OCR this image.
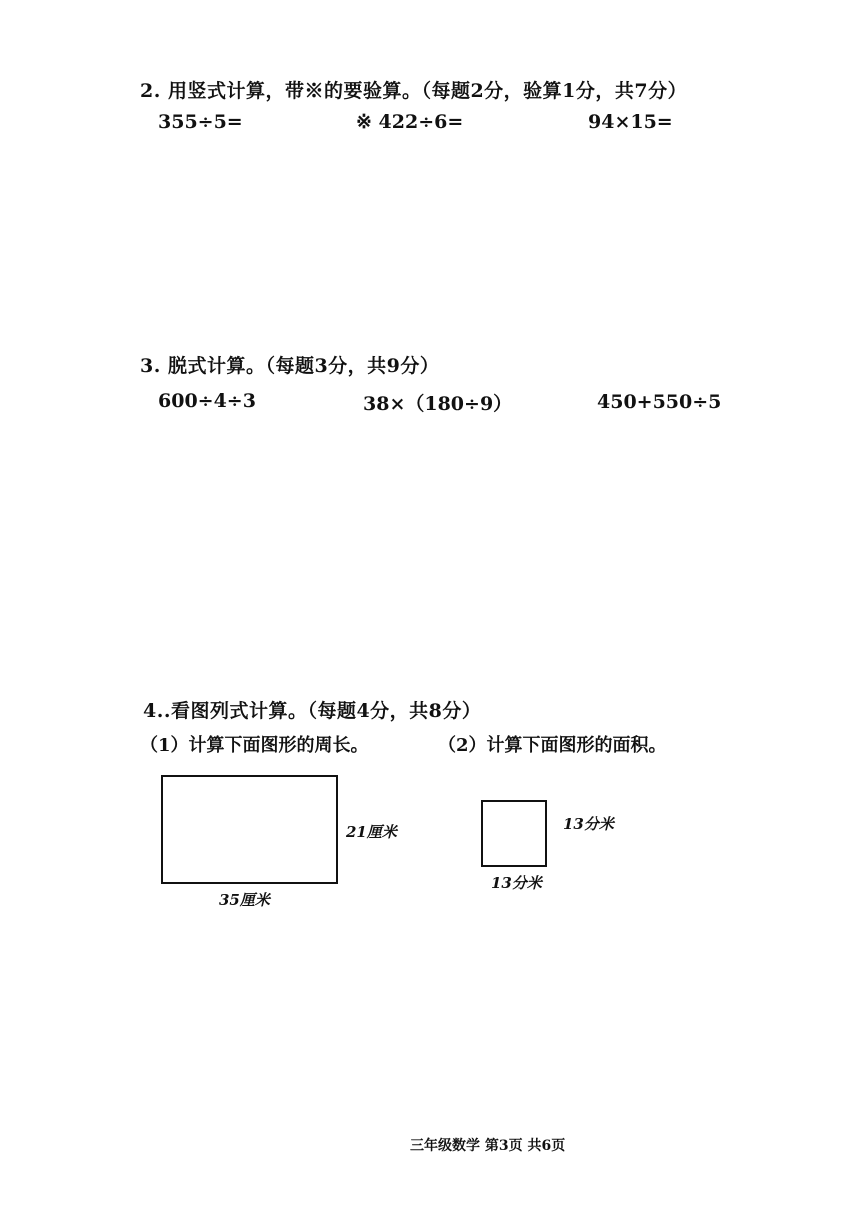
2. 用竖式计算，带※的要验算。（每题2分，验算1分，共7分）
355÷5=	※ 422÷6=	94×15=
3. 脱式计算。（每题3分，共9分）
600÷4÷3	38×（180÷9）	450+550÷5
4..看图列式计算。（每题4分，共8分）
（1）计算下面图形的周长。	（2）计算下面图形的面积。
21厘米
35厘米
13分米
13分米
三年级数学 第3页 共6页
